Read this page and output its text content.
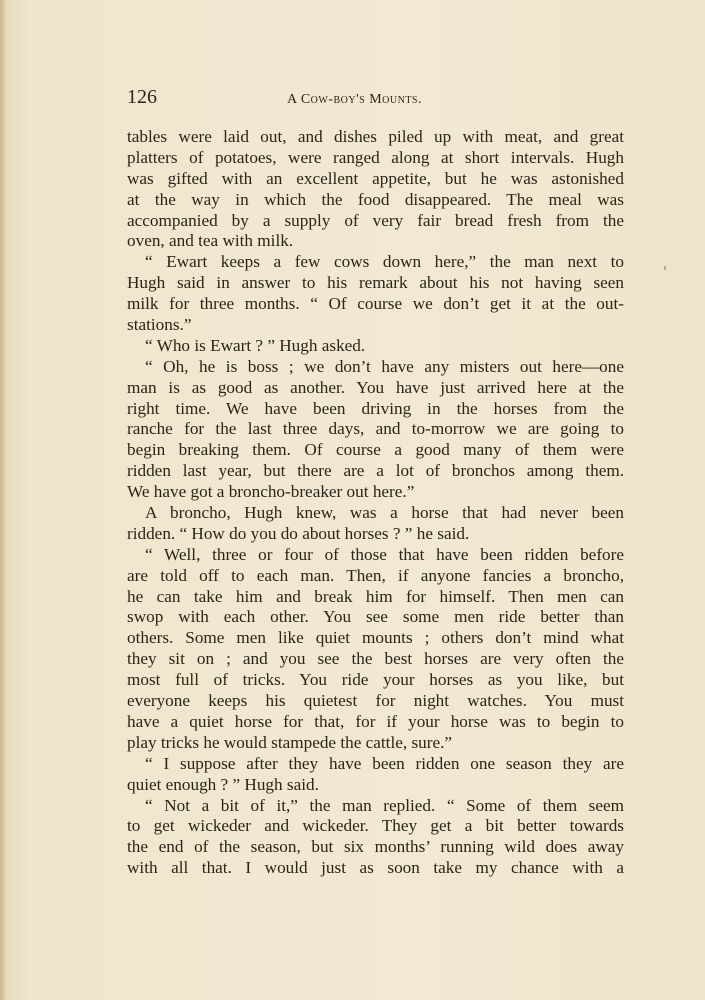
126	A Cow-boy's Mounts.
tables were laid out, and dishes piled up with meat, and great
platters of potatoes, were ranged along at short intervals. Hugh
was gifted with an excellent appetite, but he was astonished
at the way in which the food disappeared. The meal was
accompanied by a supply of very fair bread fresh from the
oven, and tea with milk.
“ Ewart keeps a few cows down here,” the man next to
Hugh said in answer to his remark about his not having seen
milk for three months. “ Of course we don’t get it at the out-
stations.”
“ Who is Ewart ? ” Hugh asked.
“ Oh, he is boss ; we don’t have any misters out here—one
man is as good as another. You have just arrived here at the
right time. We have been driving in the horses from the
ranche for the last three days, and to-morrow we are going to
begin breaking them. Of course a good many of them were
ridden last year, but there are a lot of bronchos among them.
We have got a broncho-breaker out here.”
A broncho, Hugh knew, was a horse that had never been
ridden. “ How do you do about horses ? ” he said.
“ Well, three or four of those that have been ridden before
are told off to each man. Then, if anyone fancies a broncho,
he can take him and break him for himself. Then men can
swop with each other. You see some men ride better than
others. Some men like quiet mounts ; others don’t mind what
they sit on ; and you see the best horses are very often the
most full of tricks. You ride your horses as you like, but
everyone keeps his quietest for night watches. You must
have a quiet horse for that, for if your horse was to begin to
play tricks he would stampede the cattle, sure.”
“ I suppose after they have been ridden one season they are
quiet enough ? ” Hugh said.
“ Not a bit of it,” the man replied. “ Some of them seem
to get wickeder and wickeder. They get a bit better towards
the end of the season, but six months’ running wild does away
with all that. I would just as soon take my chance with a
